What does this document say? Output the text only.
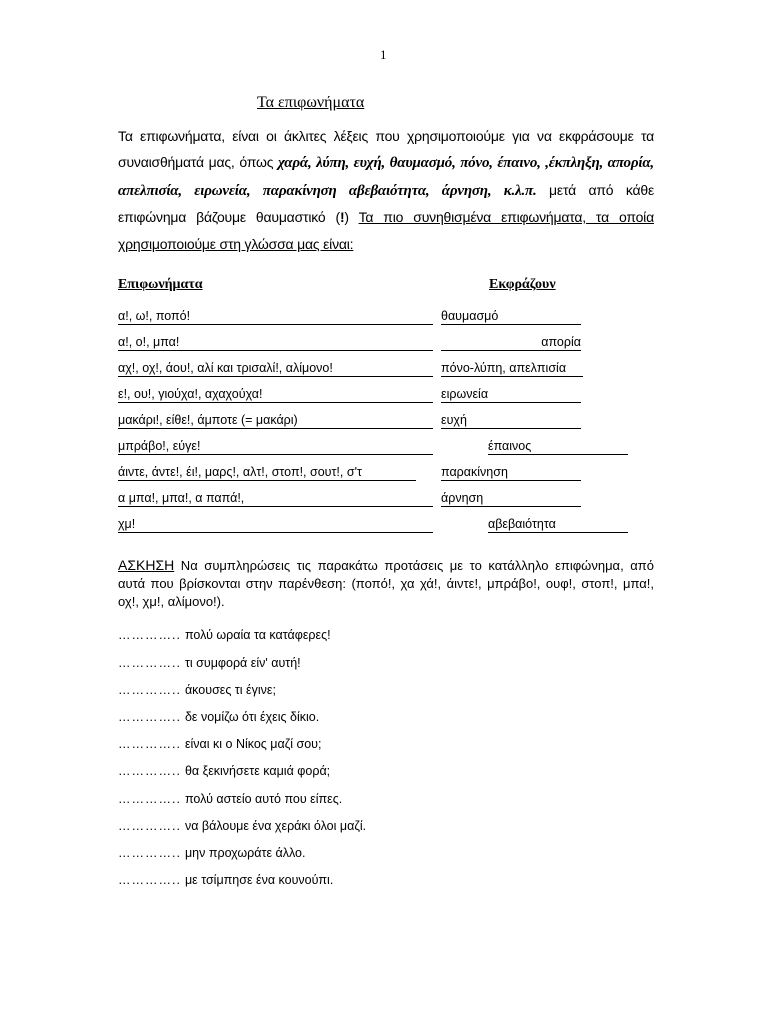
1
Τα επιφωνήματα
Τα επιφωνήματα, είναι οι άκλιτες λέξεις που χρησιμοποιούμε για να εκφράσουμε τα συναισθήματά μας, όπως χαρά, λύπη, ευχή, θαυμασμό, πόνο, έπαινο, ,έκπληξη, απορία, απελπισία, ειρωνεία, παρακίνηση αβεβαιότητα, άρνηση, κ.λ.π. μετά από κάθε επιφώνημα βάζουμε θαυμαστικό (!) Τα πιο συνηθισμένα επιφωνήματα, τα οποία χρησιμοποιούμε στη γλώσσα μας είναι:
Επιφωνήματα	Εκφράζουν
α!, ω!, ποπό!	θαυμασμό
α!, ο!, μπα!	απορία
αχ!, οχ!, άου!, αλί και τρισαλί!, αλίμονο!	πόνο-λύπη, απελπισία
ε!, ου!, γιούχα!, αχαχούχα!	ειρωνεία
μακάρι!, είθε!, άμποτε (= μακάρι)	ευχή
μπράβο!, εύγε!	έπαινος
άιντε, άντε!, έι!, μαρς!, αλτ!, στοπ!, σουτ!, σ'τ	παρακίνηση
α μπα!, μπα!, α παπά!,	άρνηση
χμ!	αβεβαιότητα
ΑΣΚΗΣΗ Να συμπληρώσεις τις παρακάτω προτάσεις με το κατάλληλο επιφώνημα, από αυτά που βρίσκονται στην παρένθεση: (ποπό!, χα χά!, άιντε!, μπράβο!, ουφ!, στοπ!, μπα!, οχ!, χμ!, αλίμονο!).
………….. πολύ ωραία τα κατάφερες!
………….. τι συμφορά είν' αυτή!
………….. άκουσες τι έγινε;
………….. δε νομίζω ότι έχεις δίκιο.
………….. είναι κι ο Νίκος μαζί σου;
………….. θα ξεκινήσετε καμιά φορά;
………….. πολύ αστείο αυτό που είπες.
………….. να βάλουμε ένα χεράκι όλοι μαζί.
………….. μην προχωράτε άλλο.
………….. με τσίμπησε ένα κουνούπι.
